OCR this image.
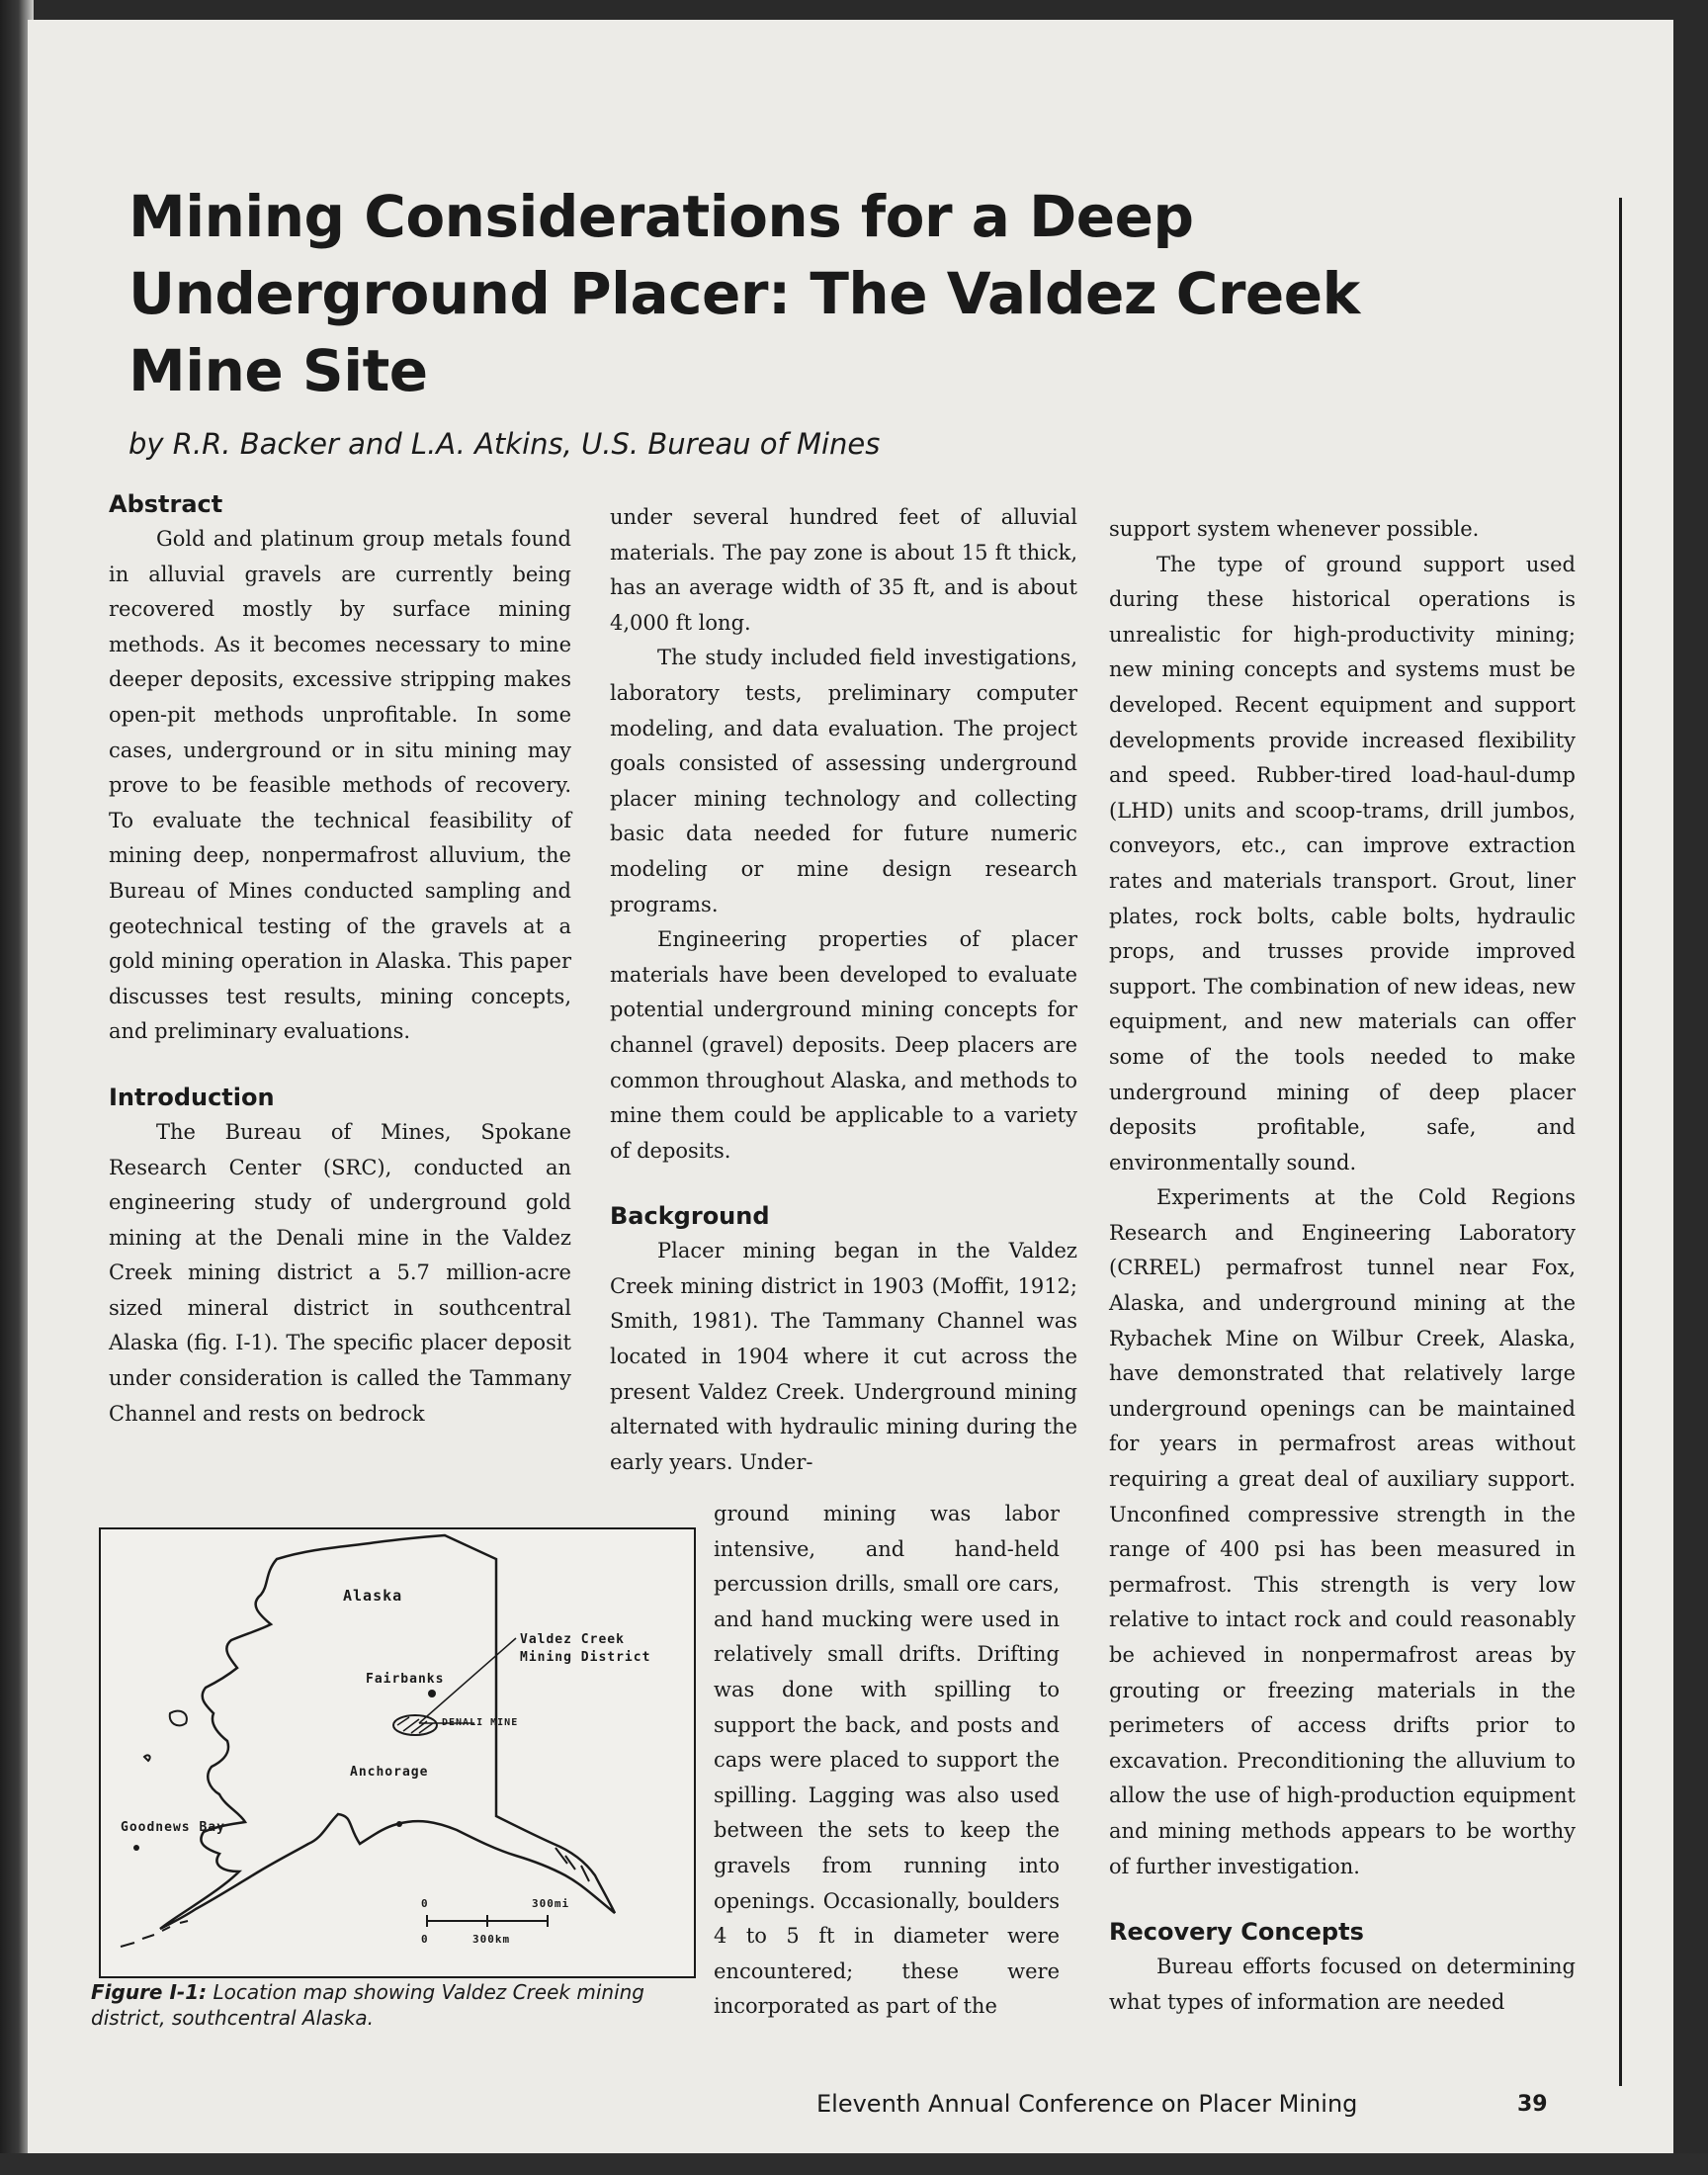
Mining Considerations for a Deep Underground Placer: The Valdez Creek Mine Site

by R.R. Backer and L.A. Atkins, U.S. Bureau of Mines

Abstract

Gold and platinum group metals found in alluvial gravels are currently being recovered mostly by surface mining methods. As it becomes necessary to mine deeper deposits, excessive stripping makes open-pit methods unprofitable. In some cases, underground or in situ mining may prove to be feasible methods of recovery. To evaluate the technical feasibility of mining deep, nonpermafrost alluvium, the Bureau of Mines conducted sampling and geotechnical testing of the gravels at a gold mining operation in Alaska. This paper discusses test results, mining concepts, and preliminary evaluations.

Introduction

The Bureau of Mines, Spokane Research Center (SRC), conducted an engineering study of underground gold mining at the Denali mine in the Valdez Creek mining district a 5.7 million-acre sized mineral district in southcentral Alaska (fig. I-1). The specific placer deposit under consideration is called the Tammany Channel and rests on bedrock

under several hundred feet of alluvial materials. The pay zone is about 15 ft thick, has an average width of 35 ft, and is about 4,000 ft long.

The study included field investigations, laboratory tests, preliminary computer modeling, and data evaluation. The project goals consisted of assessing underground placer mining technology and collecting basic data needed for future numeric modeling or mine design research programs.

Engineering properties of placer materials have been developed to evaluate potential underground mining concepts for channel (gravel) deposits. Deep placers are common throughout Alaska, and methods to mine them could be applicable to a variety of deposits.

Background

Placer mining began in the Valdez Creek mining district in 1903 (Moffit, 1912; Smith, 1981). The Tammany Channel was located in 1904 where it cut across the present Valdez Creek. Underground mining alternated with hydraulic mining during the early years. Under-

ground mining was labor intensive, and hand-held percussion drills, small ore cars, and hand mucking were used in relatively small drifts. Drifting was done with spilling to support the back, and posts and caps were placed to support the spilling. Lagging was also used between the sets to keep the gravels from running into openings. Occasionally, boulders 4 to 5 ft in diameter were encountered; these were incorporated as part of the

support system whenever possible.

The type of ground support used during these historical operations is unrealistic for high-productivity mining; new mining concepts and systems must be developed. Recent equipment and support developments provide increased flexibility and speed. Rubber-tired load-haul-dump (LHD) units and scoop-trams, drill jumbos, conveyors, etc., can improve extraction rates and materials transport. Grout, liner plates, rock bolts, cable bolts, hydraulic props, and trusses provide improved support. The combination of new ideas, new equipment, and new materials can offer some of the tools needed to make underground mining of deep placer deposits profitable, safe, and environmentally sound.

Experiments at the Cold Regions Research and Engineering Laboratory (CRREL) permafrost tunnel near Fox, Alaska, and underground mining at the Rybachek Mine on Wilbur Creek, Alaska, have demonstrated that relatively large underground openings can be maintained for years in permafrost areas without requiring a great deal of auxiliary support. Unconfined compressive strength in the range of 400 psi has been measured in permafrost. This strength is very low relative to intact rock and could reasonably be achieved in nonpermafrost areas by grouting or freezing materials in the perimeters of access drifts prior to excavation. Preconditioning the alluvium to allow the use of high-production equipment and mining methods appears to be worthy of further investigation.

Recovery Concepts

Bureau efforts focused on determining what types of information are needed

Alaska
Valdez Creek
Mining District
Fairbanks
DENALI MINE
Anchorage
Goodnews Bay
0	300mi
0	300km

Figure I-1: Location map showing Valdez Creek mining district, southcentral Alaska.

Eleventh Annual Conference on Placer Mining	39
